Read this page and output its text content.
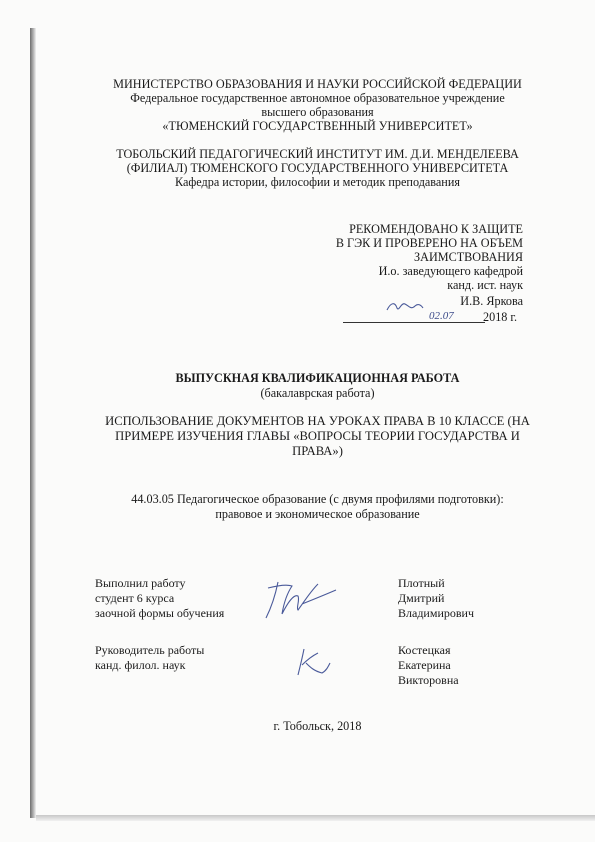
МИНИСТЕРСТВО ОБРАЗОВАНИЯ И НАУКИ РОССИЙСКОЙ ФЕДЕРАЦИИ
Федеральное государственное автономное образовательное учреждение
высшего образования
«ТЮМЕНСКИЙ ГОСУДАРСТВЕННЫЙ УНИВЕРСИТЕТ»
ТОБОЛЬСКИЙ ПЕДАГОГИЧЕСКИЙ ИНСТИТУТ ИМ. Д.И. МЕНДЕЛЕЕВА
(ФИЛИАЛ) ТЮМЕНСКОГО ГОСУДАРСТВЕННОГО УНИВЕРСИТЕТА
Кафедра истории, философии и методик преподавания
РЕКОМЕНДОВАНО К ЗАЩИТЕ
В ГЭК И ПРОВЕРЕНО НА ОБЪЕМ
ЗАИМСТВОВАНИЯ
И.о. заведующего кафедрой
канд. ист. наук
И.В. Яркова
02.07 2018 г.
ВЫПУСКНАЯ КВАЛИФИКАЦИОННАЯ РАБОТА
(бакалаврская работа)
ИСПОЛЬЗОВАНИЕ ДОКУМЕНТОВ НА УРОКАХ ПРАВА В 10 КЛАССЕ (НА
ПРИМЕРЕ ИЗУЧЕНИЯ ГЛАВЫ «ВОПРОСЫ ТЕОРИИ ГОСУДАРСТВА И
ПРАВА»)
44.03.05 Педагогическое образование (с двумя профилями подготовки):
правовое и экономическое образование
Выполнил работу
студент 6 курса
заочной формы обучения
Плотный
Дмитрий
Владимирович
Руководитель работы
канд. филол. наук
Костецкая
Екатерина
Викторовна
г. Тобольск, 2018
